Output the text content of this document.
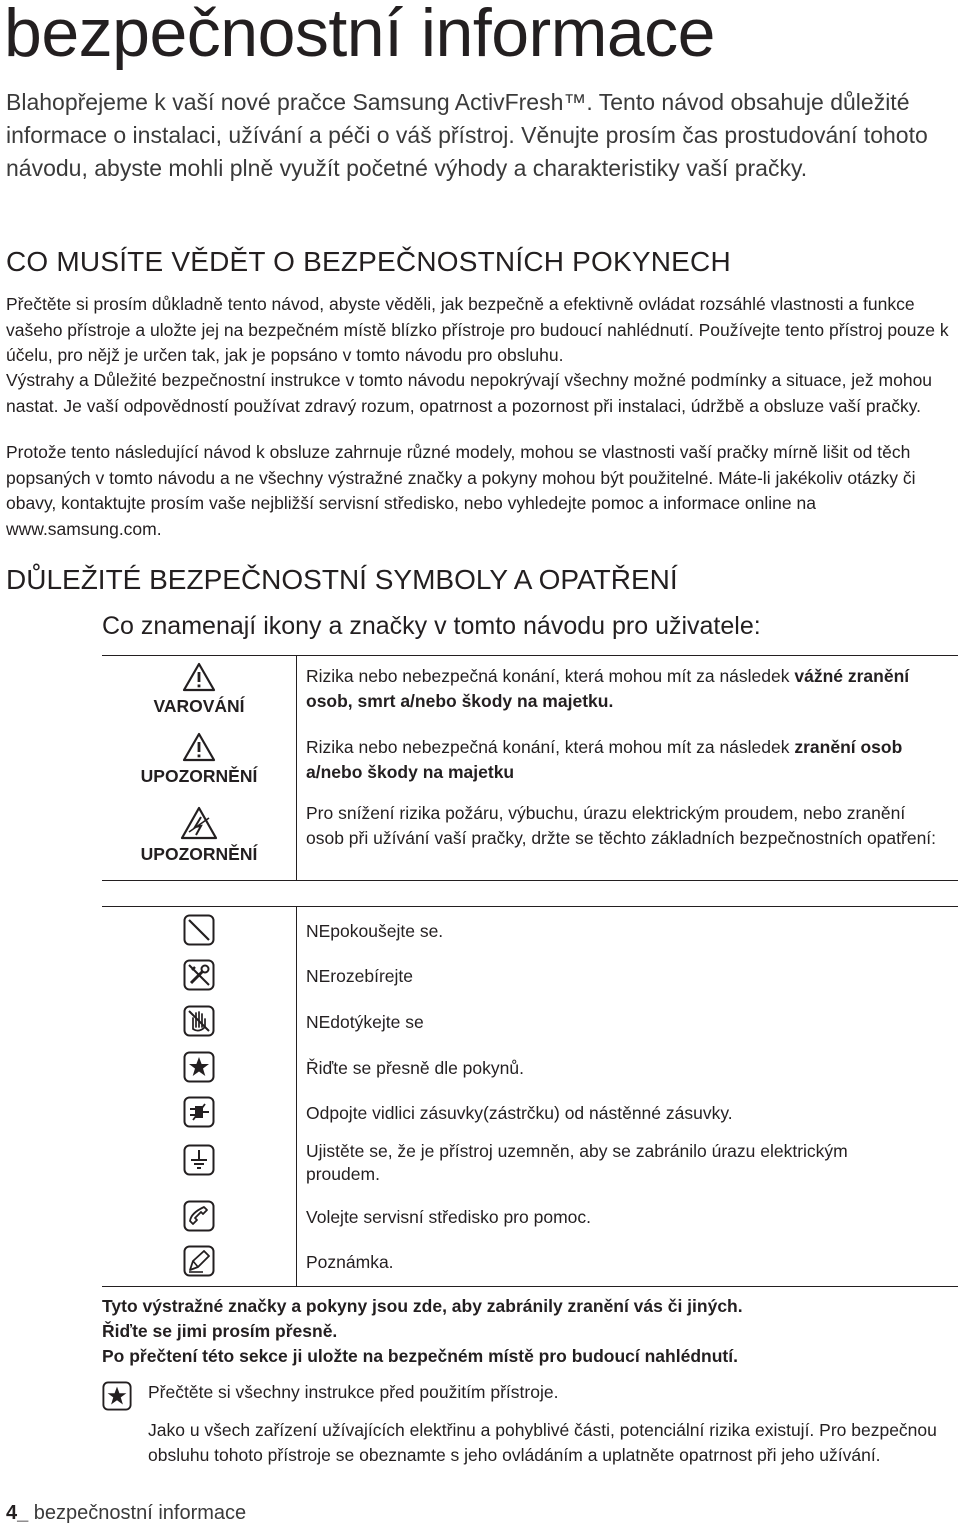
bezpečnostní informace
Blahopřejeme k vaší nové pračce Samsung ActivFresh™. Tento návod obsahuje důležité informace o instalaci, užívání a péči o váš přístroj. Věnujte prosím čas prostudování tohoto návodu, abyste mohli plně využít početné výhody a charakteristiky vaší pračky.
CO MUSÍTE VĚDĚT O BEZPEČNOSTNÍCH POKYNECH

Přečtěte si prosím důkladně tento návod, abyste věděli, jak bezpečně a efektivně ovládat rozsáhlé vlastnosti a funkce vašeho přístroje a uložte jej na bezpečném místě blízko přístroje pro budoucí nahlédnutí. Používejte tento přístroj pouze k účelu, pro nějž je určen tak, jak je popsáno v tomto návodu pro obsluhu.

Výstrahy a Důležité bezpečnostní instrukce v tomto návodu nepokrývají všechny možné podmínky a situace, jež mohou nastat. Je vaší odpovědností používat zdravý rozum, opatrnost a pozornost při instalaci, údržbě a obsluze vaší pračky.

Protože tento následující návod k obsluze zahrnuje různé modely, mohou se vlastnosti vaší pračky mírně lišit od těch popsaných v tomto návodu a ne všechny výstražné značky a pokyny mohou být použitelné. Máte-li jakékoliv otázky či obavy, kontaktujte prosím vaše nejbližší servisní středisko, nebo vyhledejte pomoc a informace online na www.samsung.com.

DŮLEŽITÉ BEZPEČNOSTNÍ SYMBOLY A OPATŘENÍ
Co znamenají ikony a značky v tomto návodu pro uživatele:
VAROVÁNÍ
Rizika nebo nebezpečná konání, která mohou mít za následek vážné zranění osob, smrt a/nebo škody na majetku.
UPOZORNĚNÍ
Rizika nebo nebezpečná konání, která mohou mít za následek zranění osob a/nebo škody na majetku
UPOZORNĚNÍ
Pro snížení rizika požáru, výbuchu, úrazu elektrickým proudem, nebo zranění osob při užívání vaší pračky, držte se těchto základních bezpečnostních opatření:
NEpokoušejte se.
NErozebírejte
NEdotýkejte se
Řiďte se přesně dle pokynů.
Odpojte vidlici zásuvky(zástrčku) od nástěnné zásuvky.
Ujistěte se, že je přístroj uzemněn, aby se zabránilo úrazu elektrickým proudem.
Volejte servisní středisko pro pomoc.
Poznámka.
Tyto výstražné značky a pokyny jsou zde, aby zabránily zranění vás či jiných.
Řiďte se jimi prosím přesně.
Po přečtení této sekce ji uložte na bezpečném místě pro budoucí nahlédnutí.
Přečtěte si všechny instrukce před použitím přístroje.
Jako u všech zařízení užívajících elektřinu a pohyblivé části, potenciální rizika existují. Pro bezpečnou obsluhu tohoto přístroje se obeznamte s jeho ovládáním a uplatněte opatrnost při jeho užívání.
4_ bezpečnostní informace
